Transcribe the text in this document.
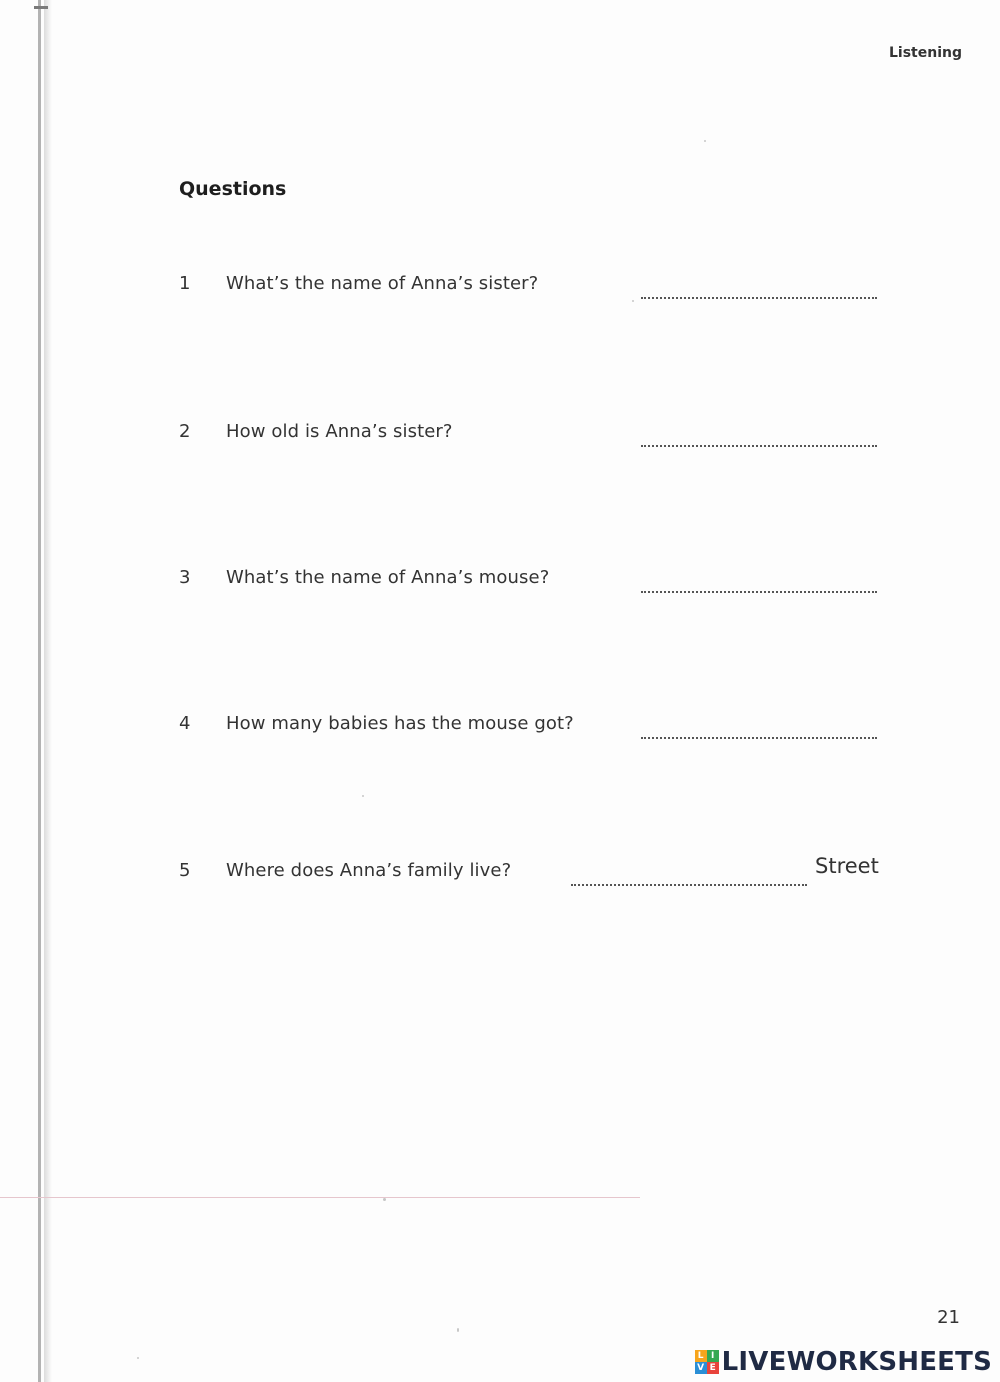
Listening
Questions
1 What’s the name of Anna’s sister?
2 How old is Anna’s sister?
3 What’s the name of Anna’s mouse?
4 How many babies has the mouse got?
5 Where does Anna’s family live?	Street
21
L I
V E LIVEWORKSHEETS
